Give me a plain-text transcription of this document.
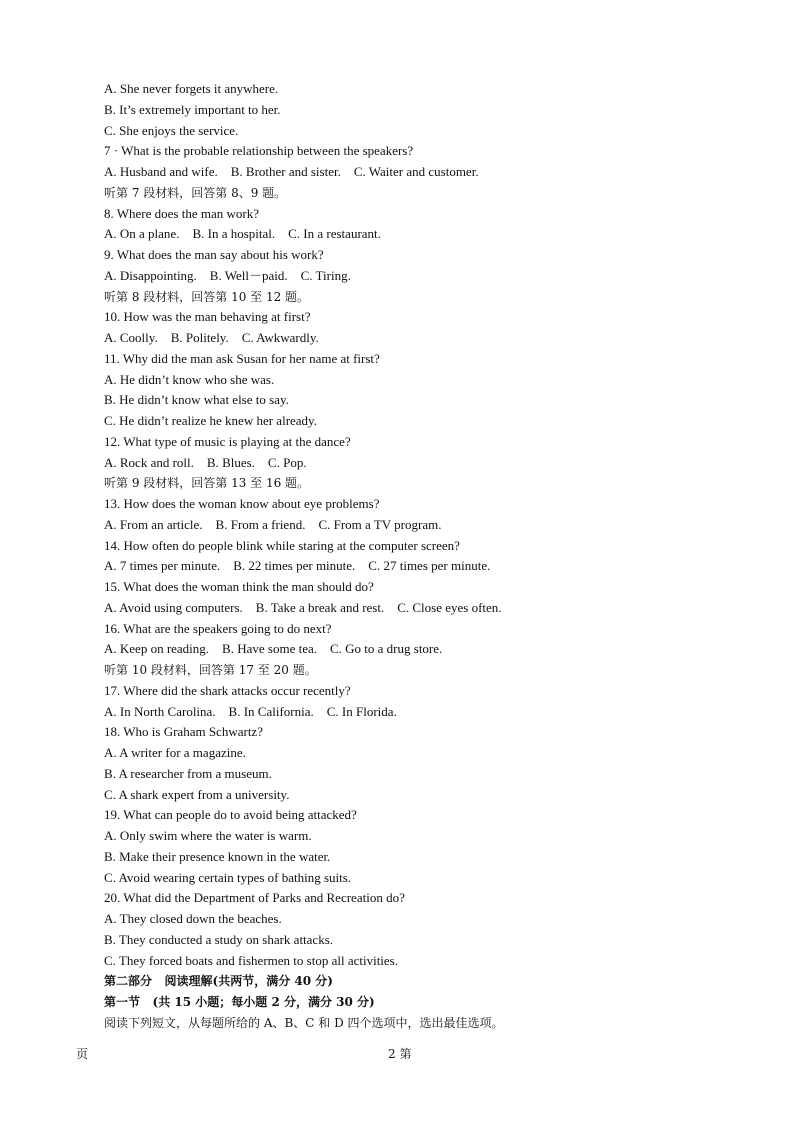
A. She never forgets it anywhere.
B. It’s extremely important to her.
C. She enjoys the service.
7 · What is the probable relationship between the speakers?
A. Husband and wife.    B. Brother and sister.    C. Waiter and customer.
听第 7 段材料，回答第 8、9 题。
8. Where does the man work?
A. On a plane.    B. In a hospital.    C. In a restaurant.
9. What does the man say about his work?
A. Disappointing.    B. Well－paid.    C. Tiring.
听第 8 段材料，回答第 10 至 12 题。
10. How was the man behaving at first?
A. Coolly.    B. Politely.    C. Awkwardly.
11. Why did the man ask Susan for her name at first?
A. He didn’t know who she was.
B. He didn’t know what else to say.
C. He didn’t realize he knew her already.
12. What type of music is playing at the dance?
A. Rock and roll.    B. Blues.    C. Pop.
听第 9 段材料，回答第 13 至 16 题。
13. How does the woman know about eye problems?
A. From an article.    B. From a friend.    C. From a TV program.
14. How often do people blink while staring at the computer screen?
A. 7 times per minute.    B. 22 times per minute.    C. 27 times per minute.
15. What does the woman think the man should do?
A. Avoid using computers.    B. Take a break and rest.    C. Close eyes often.
16. What are the speakers going to do next?
A. Keep on reading.    B. Have some tea.    C. Go to a drug store.
听第 10 段材料，回答第 17 至 20 题。
17. Where did the shark attacks occur recently?
A. In North Carolina.    B. In California.    C. In Florida.
18. Who is Graham Schwartz?
A. A writer for a magazine.
B. A researcher from a museum.
C. A shark expert from a university.
19. What can people do to avoid being attacked?
A. Only swim where the water is warm.
B. Make their presence known in the water.
C. Avoid wearing certain types of bathing suits.
20. What did the Department of Parks and Recreation do?
A. They closed down the beaches.
B. They conducted a study on shark attacks.
C. They forced boats and fishermen to stop all activities.
第二部分   阅读理解(共两节，满分 40 分)
第一节   (共 15 小题；每小题 2 分，满分 30 分)
阅读下列短文，从每题所给的 A、B、C 和 D 四个选项中，选出最佳选项。
页	2 第
